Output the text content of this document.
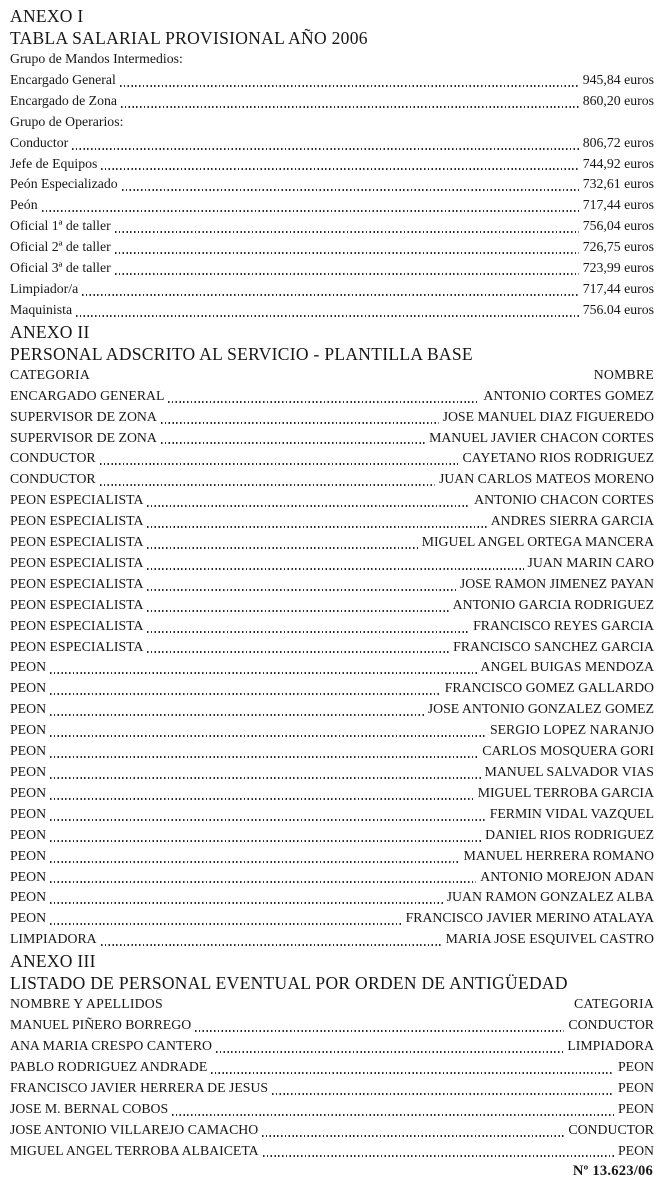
ANEXO I
TABLA SALARIAL PROVISIONAL AÑO 2006
Grupo de Mandos Intermedios:
Encargado General	945,84 euros
Encargado de Zona	860,20 euros
Grupo de Operarios:
Conductor	806,72 euros
Jefe de Equipos	744,92 euros
Peón Especializado	732,61 euros
Peón	717,44 euros
Oficial 1ª de taller	756,04 euros
Oficial 2ª de taller	726,75 euros
Oficial 3ª de taller	723,99 euros
Limpiador/a	717,44 euros
Maquinista	756.04 euros
ANEXO II
PERSONAL ADSCRITO AL SERVICIO - PLANTILLA BASE
CATEGORIA	NOMBRE
ENCARGADO GENERAL	ANTONIO CORTES GOMEZ
SUPERVISOR DE ZONA	JOSE MANUEL DIAZ FIGUEREDO
SUPERVISOR DE ZONA	MANUEL JAVIER CHACON CORTES
CONDUCTOR	CAYETANO RIOS RODRIGUEZ
CONDUCTOR	JUAN CARLOS MATEOS MORENO
PEON ESPECIALISTA	ANTONIO CHACON CORTES
PEON ESPECIALISTA	ANDRES SIERRA GARCIA
PEON ESPECIALISTA	MIGUEL ANGEL ORTEGA MANCERA
PEON ESPECIALISTA	JUAN MARIN CARO
PEON ESPECIALISTA	JOSE RAMON JIMENEZ PAYAN
PEON ESPECIALISTA	ANTONIO GARCIA RODRIGUEZ
PEON ESPECIALISTA	FRANCISCO REYES GARCIA
PEON ESPECIALISTA	FRANCISCO SANCHEZ GARCIA
PEON	ANGEL BUIGAS MENDOZA
PEON	FRANCISCO GOMEZ GALLARDO
PEON	JOSE ANTONIO GONZALEZ GOMEZ
PEON	SERGIO LOPEZ NARANJO
PEON	CARLOS MOSQUERA GORI
PEON	MANUEL SALVADOR VIAS
PEON	MIGUEL TERROBA GARCIA
PEON	FERMIN VIDAL VAZQUEL
PEON	DANIEL RIOS RODRIGUEZ
PEON	MANUEL HERRERA ROMANO
PEON	ANTONIO MOREJON ADAN
PEON	JUAN RAMON GONZALEZ ALBA
PEON	FRANCISCO JAVIER MERINO ATALAYA
LIMPIADORA	MARIA JOSE ESQUIVEL CASTRO
ANEXO III
LISTADO DE PERSONAL EVENTUAL POR ORDEN DE ANTIGÜEDAD
NOMBRE Y APELLIDOS	CATEGORIA
MANUEL PIÑERO BORREGO	CONDUCTOR
ANA MARIA CRESPO CANTERO	LIMPIADORA
PABLO RODRIGUEZ ANDRADE	PEON
FRANCISCO JAVIER HERRERA DE JESUS	PEON
JOSE M. BERNAL COBOS	PEON
JOSE ANTONIO VILLAREJO CAMACHO	CONDUCTOR
MIGUEL ANGEL TERROBA ALBAICETA	PEON
Nº 13.623/06
